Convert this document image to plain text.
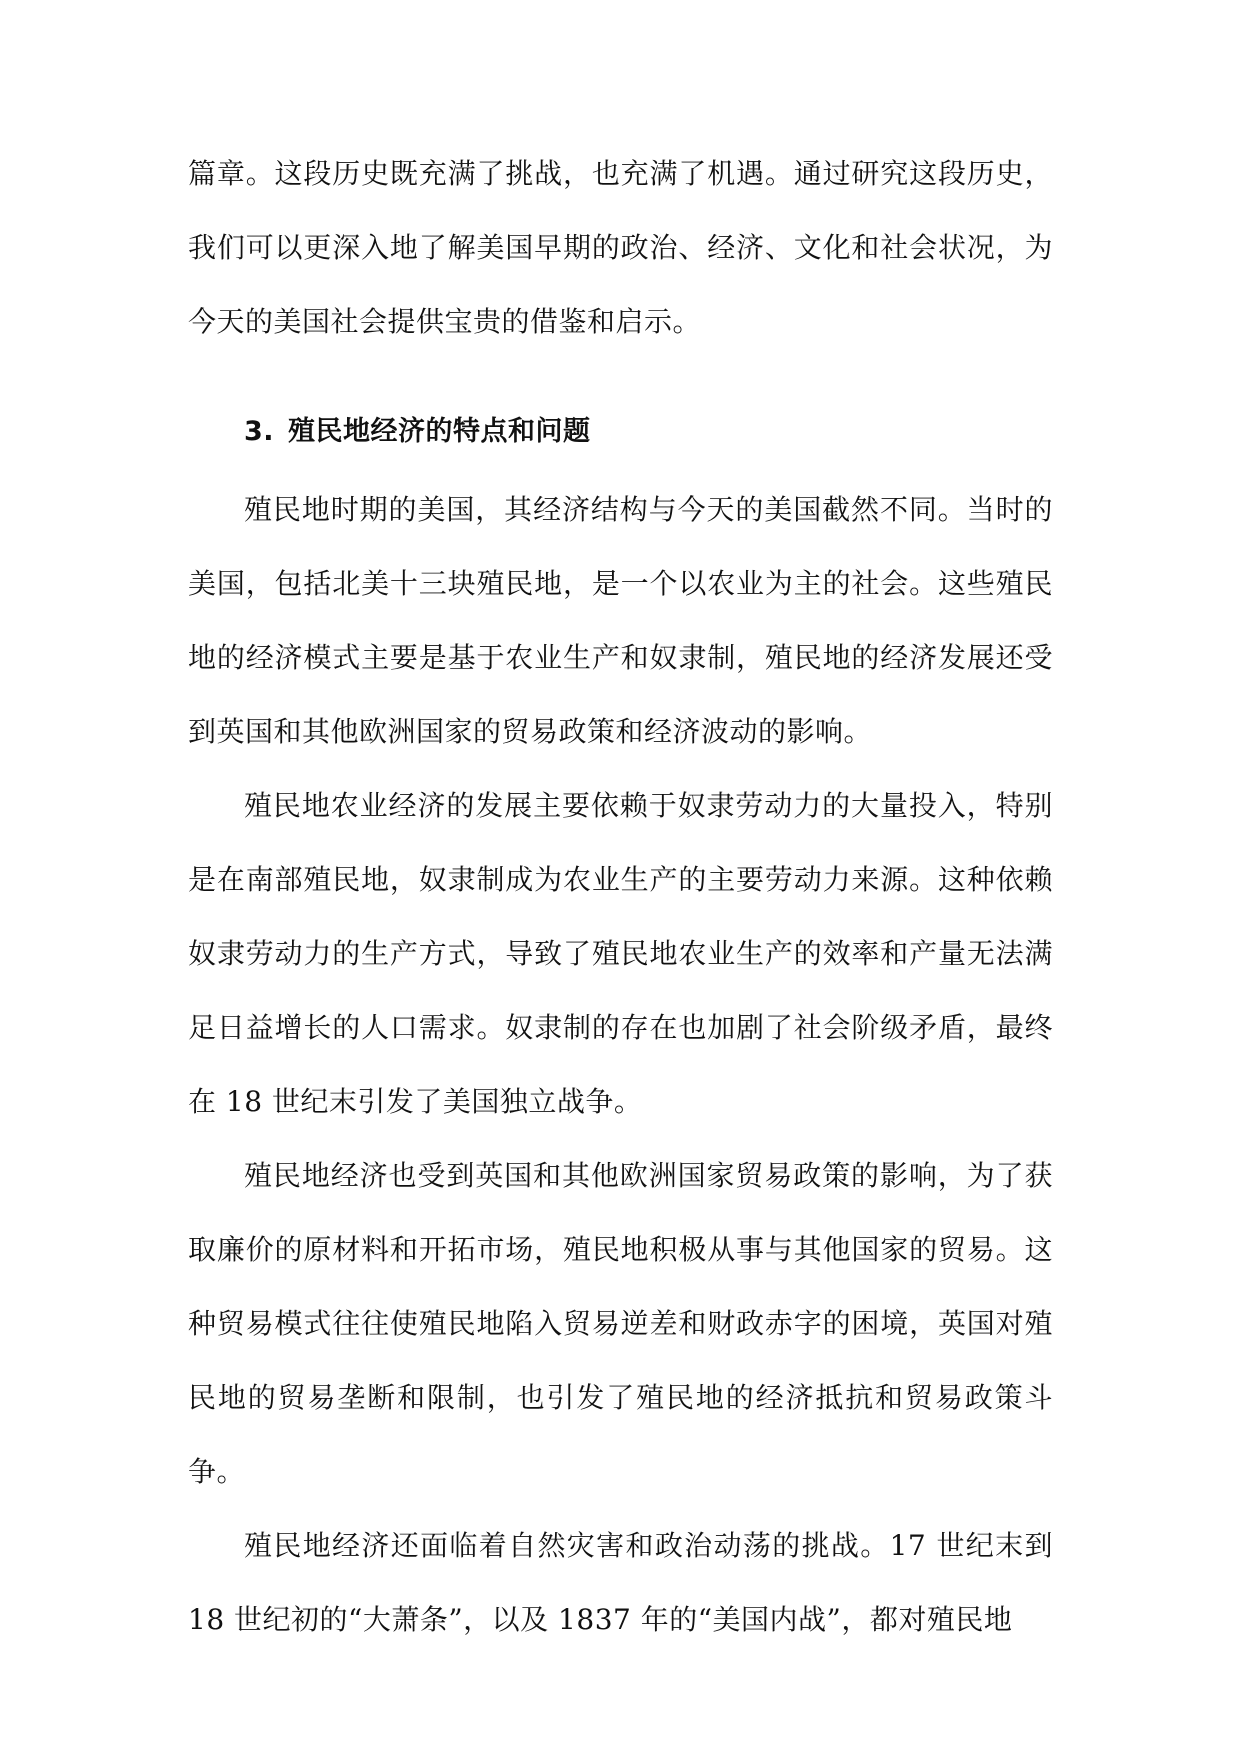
篇章。这段历史既充满了挑战，也充满了机遇。通过研究这段历史，我们可以更深入地了解美国早期的政治、经济、文化和社会状况，为今天的美国社会提供宝贵的借鉴和启示。

3. 殖民地经济的特点和问题

殖民地时期的美国，其经济结构与今天的美国截然不同。当时的美国，包括北美十三块殖民地，是一个以农业为主的社会。这些殖民地的经济模式主要是基于农业生产和奴隶制，殖民地的经济发展还受到英国和其他欧洲国家的贸易政策和经济波动的影响。

殖民地农业经济的发展主要依赖于奴隶劳动力的大量投入，特别是在南部殖民地，奴隶制成为农业生产的主要劳动力来源。这种依赖奴隶劳动力的生产方式，导致了殖民地农业生产的效率和产量无法满足日益增长的人口需求。奴隶制的存在也加剧了社会阶级矛盾，最终在 18 世纪末引发了美国独立战争。

殖民地经济也受到英国和其他欧洲国家贸易政策的影响，为了获取廉价的原材料和开拓市场，殖民地积极从事与其他国家的贸易。这种贸易模式往往使殖民地陷入贸易逆差和财政赤字的困境，英国对殖民地的贸易垄断和限制，也引发了殖民地的经济抵抗和贸易政策斗争。

殖民地经济还面临着自然灾害和政治动荡的挑战。17 世纪末到 18 世纪初的“大萧条”，以及 1837 年的“美国内战”，都对殖民地
